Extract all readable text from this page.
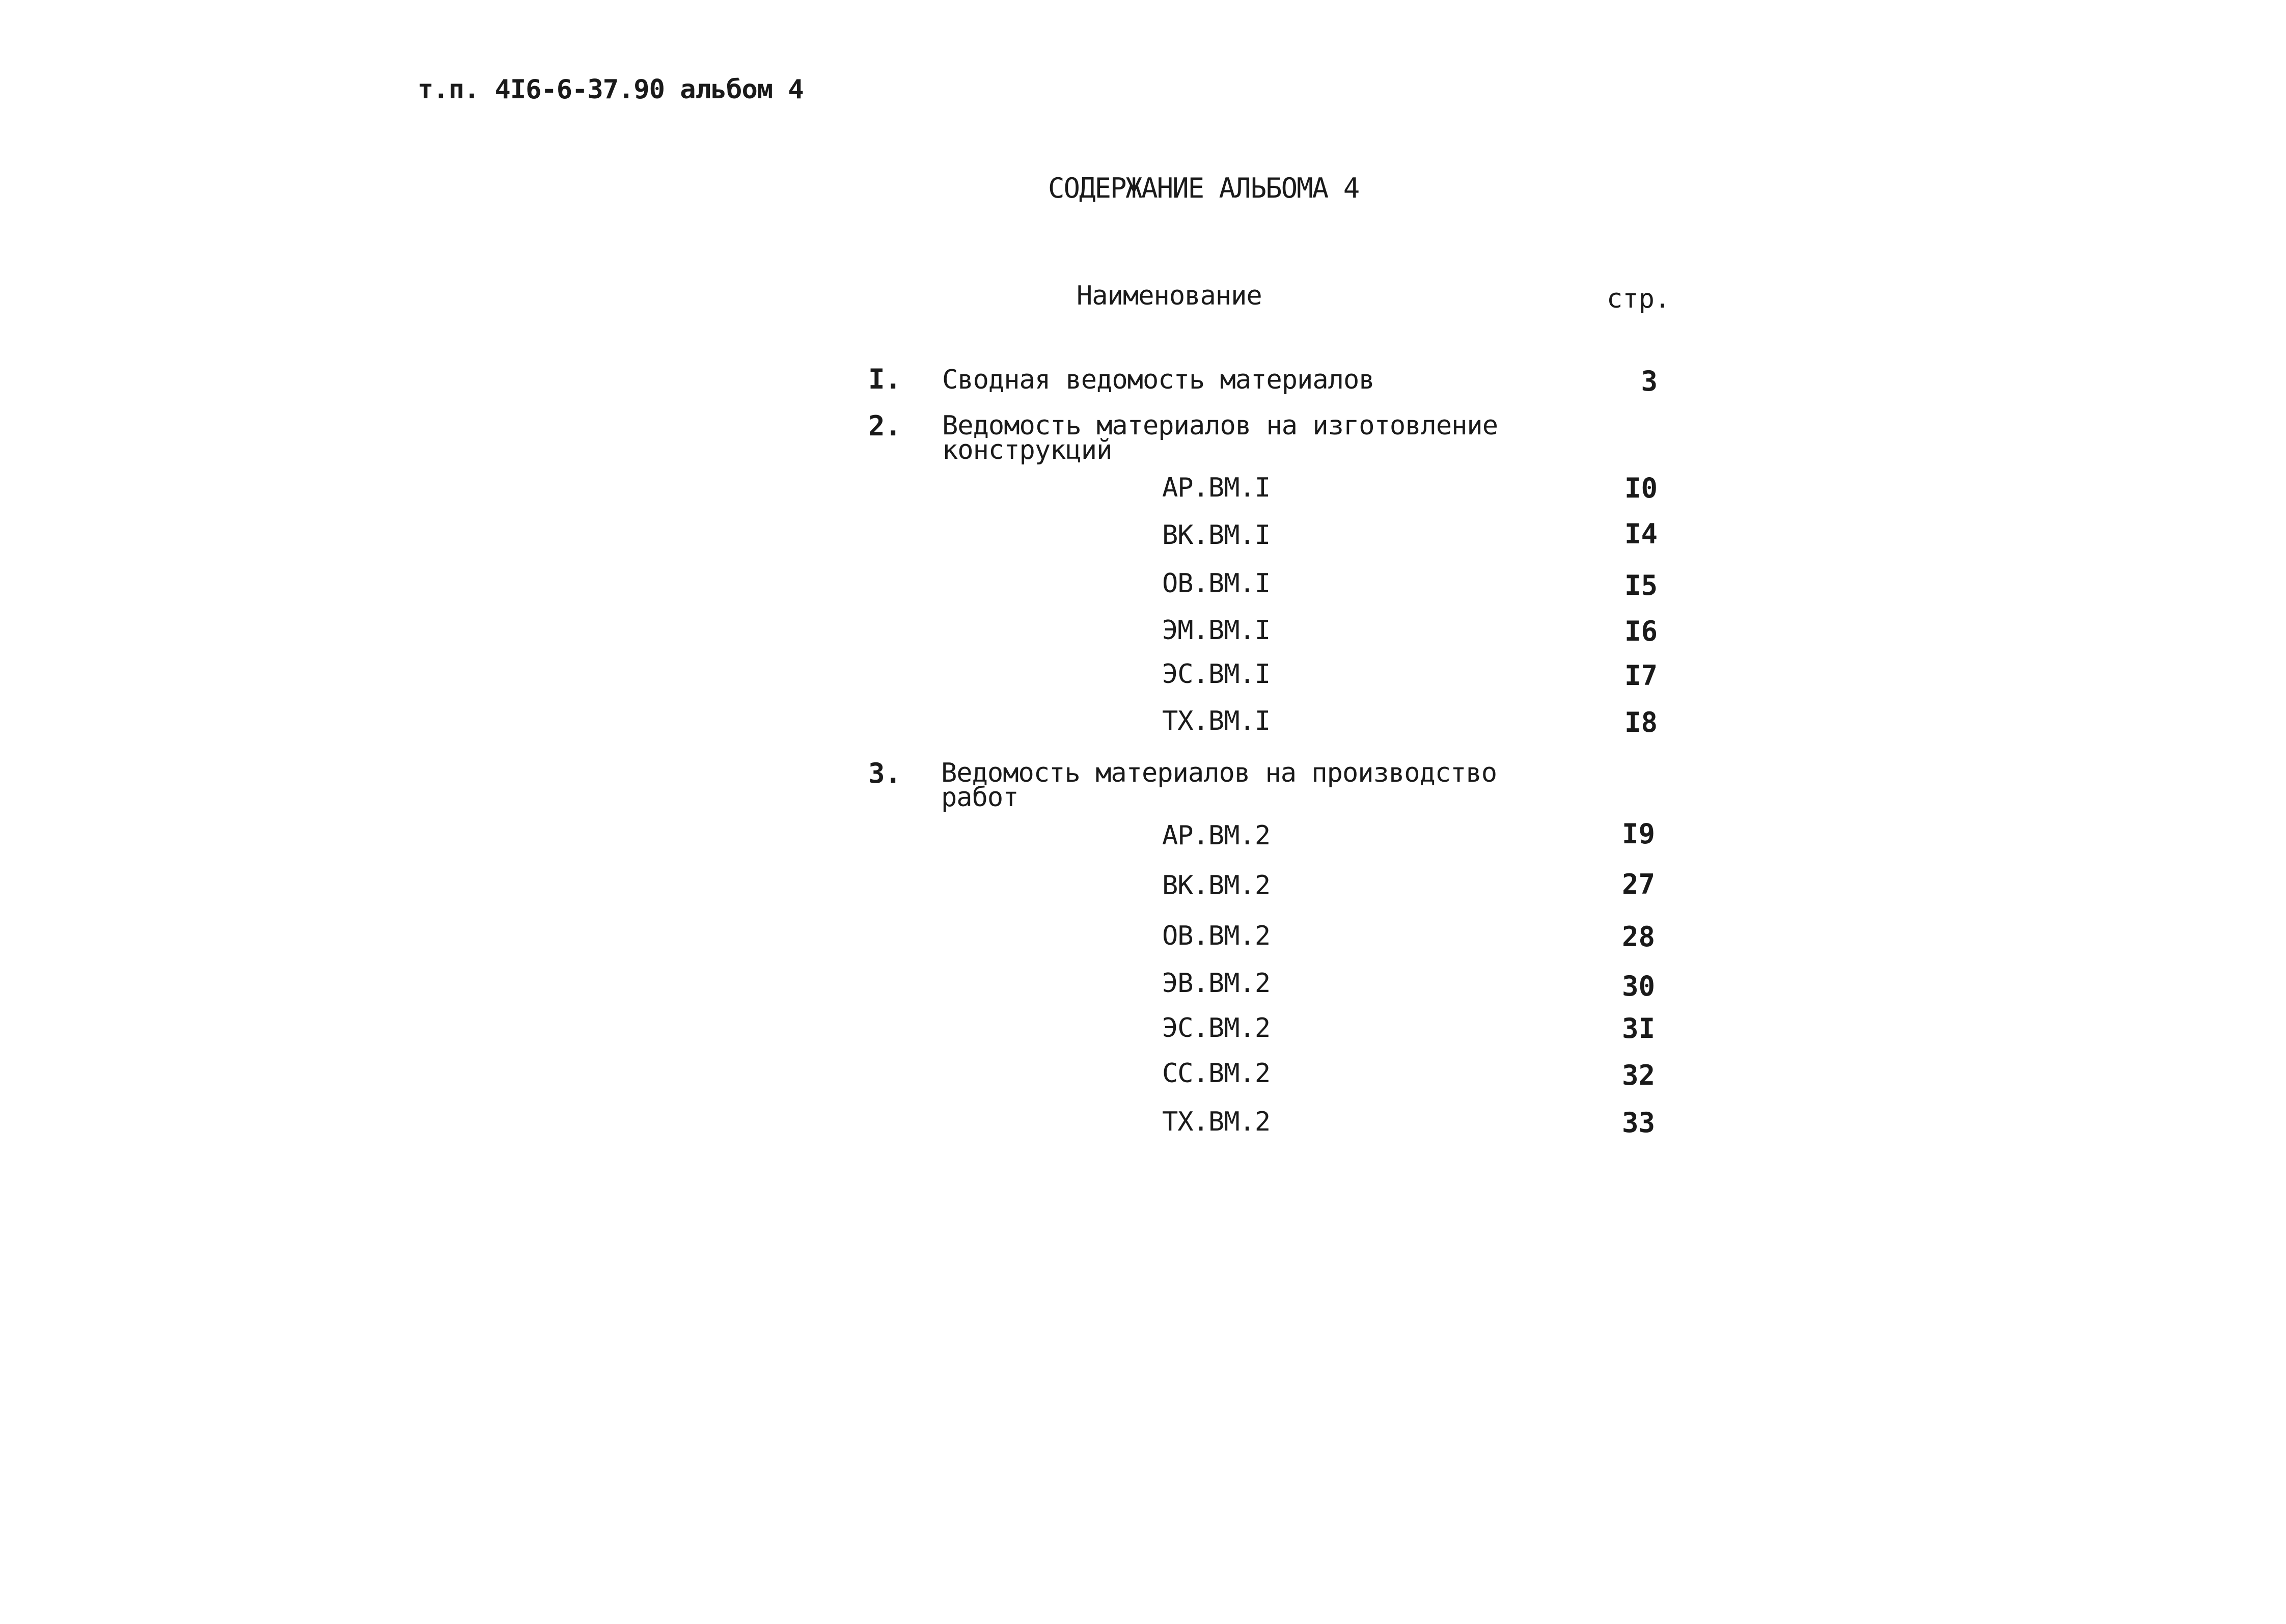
т.п. 4I6-6-37.90 альбом 4
СОДЕРЖАНИЕ АЛЬБОМА 4
Наименование	стр.
I. Сводная ведомость материалов	3
2. Ведомость материалов на изготовление
конструкций
АР.ВМ.I	I0
ВК.ВМ.I	I4
ОВ.ВМ.I	I5
ЭМ.ВМ.I	I6
ЭС.ВМ.I	I7
ТХ.ВМ.I	I8
3. Ведомость материалов на производство
работ
АР.ВМ.2	I9
ВК.ВМ.2	27
ОВ.ВМ.2	28
ЭВ.ВМ.2	30
ЭС.ВМ.2	3I
СС.ВМ.2	32
ТХ.ВМ.2	33
